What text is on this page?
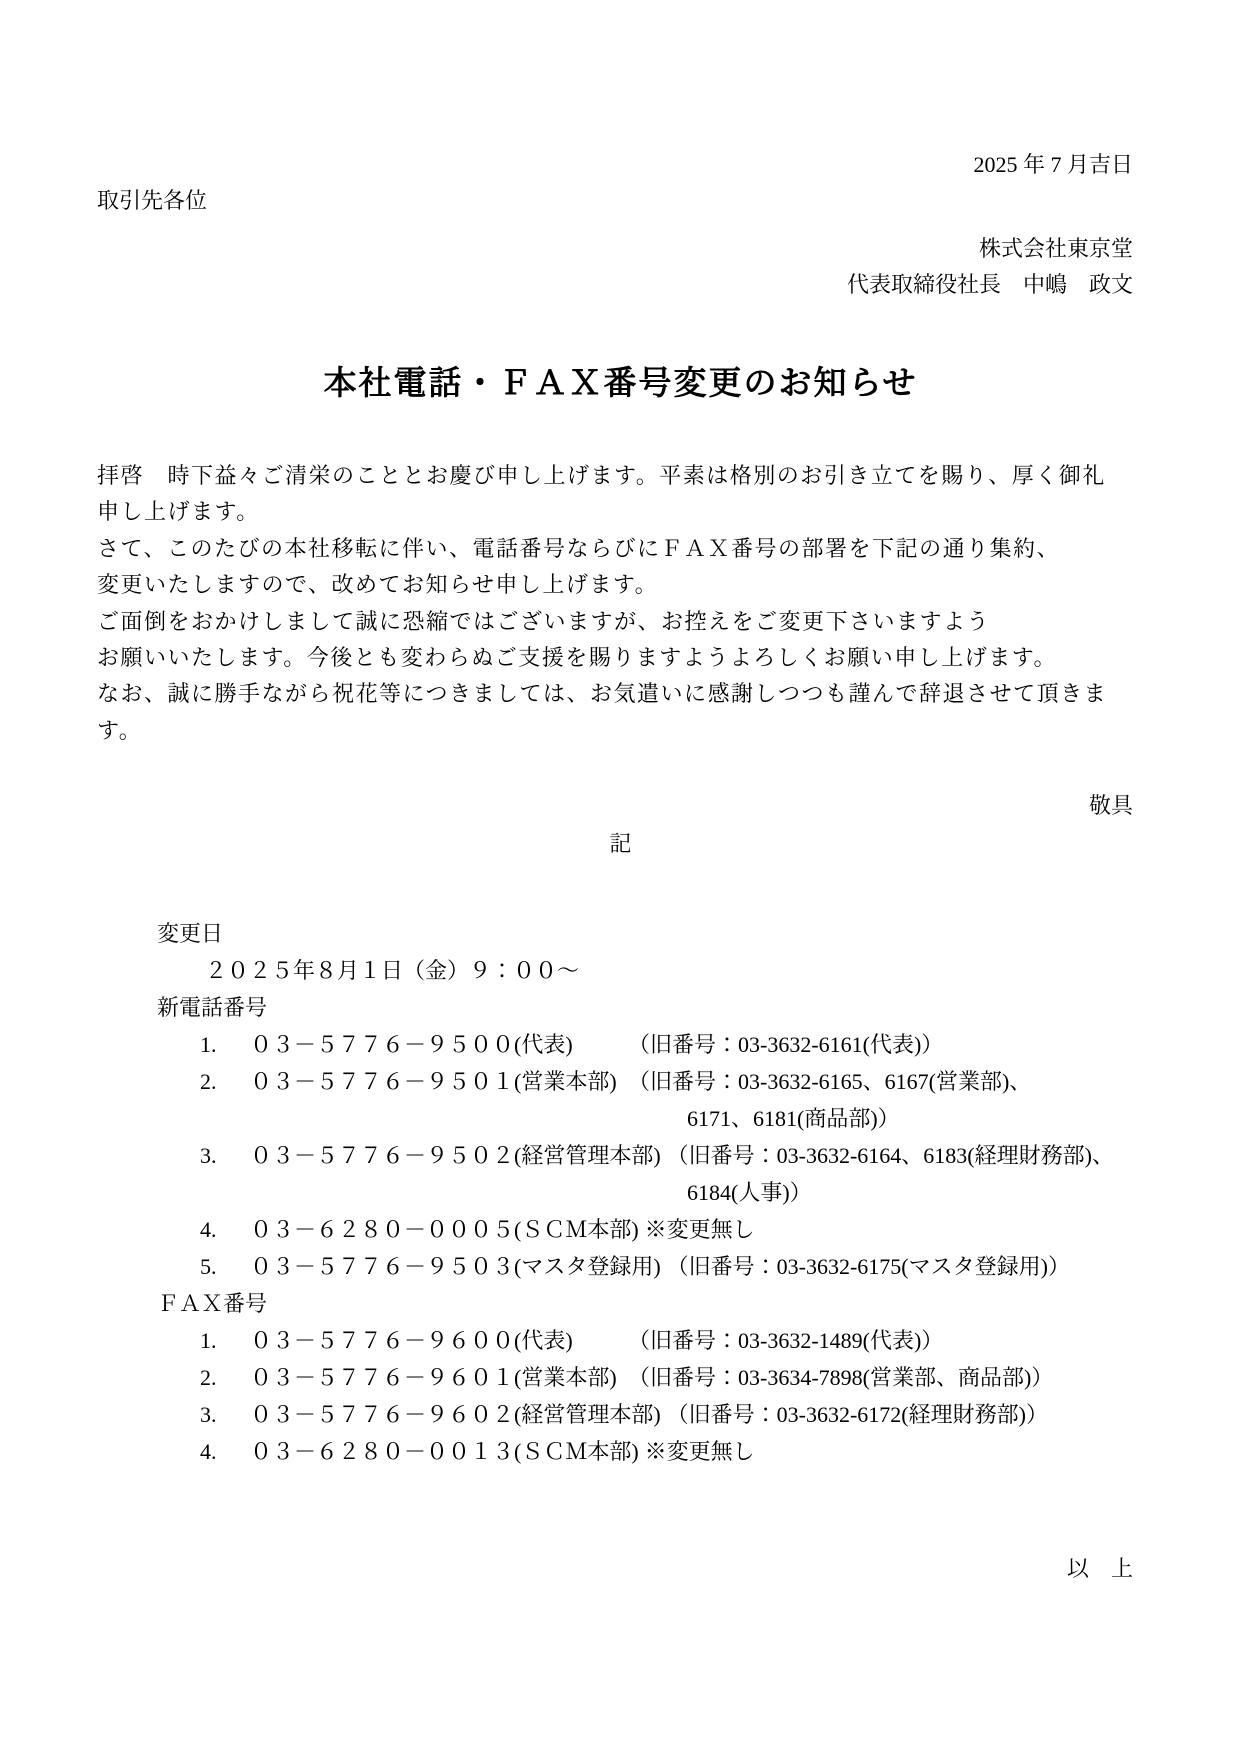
2025 年 7 月吉日
取引先各位
株式会社東京堂
代表取締役社長　中嶋　政文
本社電話・ＦＡＸ番号変更のお知らせ
拝啓　時下益々ご清栄のこととお慶び申し上げます。平素は格別のお引き立てを賜り、厚く御礼
申し上げます。
さて、このたびの本社移転に伴い、電話番号ならびにＦＡＸ番号の部署を下記の通り集約、
変更いたしますので、改めてお知らせ申し上げます。
ご面倒をおかけしまして誠に恐縮ではございますが、お控えをご変更下さいますよう
お願いいたします。今後とも変わらぬご支援を賜りますようよろしくお願い申し上げます。
なお、誠に勝手ながら祝花等につきましては、お気遣いに感謝しつつも謹んで辞退させて頂きます。
敬具
記
変更日
２０２５年８月１日（金）９：００～
新電話番号
1.	０３－５７７６－９５００(代表)	（旧番号：03-3632-6161(代表)）
2.	０３－５７７６－９５０１(営業本部) （旧番号：03-3632-6165、6167(営業部)、
6171、6181(商品部)）
3.	０３－５７７６－９５０２(経営管理本部) （旧番号：03-3632-6164、6183(経理財務部)、
6184(人事)）
4.	０３－６２８０－０００５(ＳＣＭ本部) ※変更無し
5.	０３－５７７６－９５０３(マスタ登録用) （旧番号：03-3632-6175(マスタ登録用)）
ＦＡＸ番号
1.	０３－５７７６－９６００(代表)	（旧番号：03-3632-1489(代表)）
2.	０３－５７７６－９６０１(営業本部) （旧番号：03-3634-7898(営業部、商品部)）
3.	０３－５７７６－９６０２(経営管理本部) （旧番号：03-3632-6172(経理財務部)）
4.	０３－６２８０－００１３(ＳＣＭ本部) ※変更無し
以　上
